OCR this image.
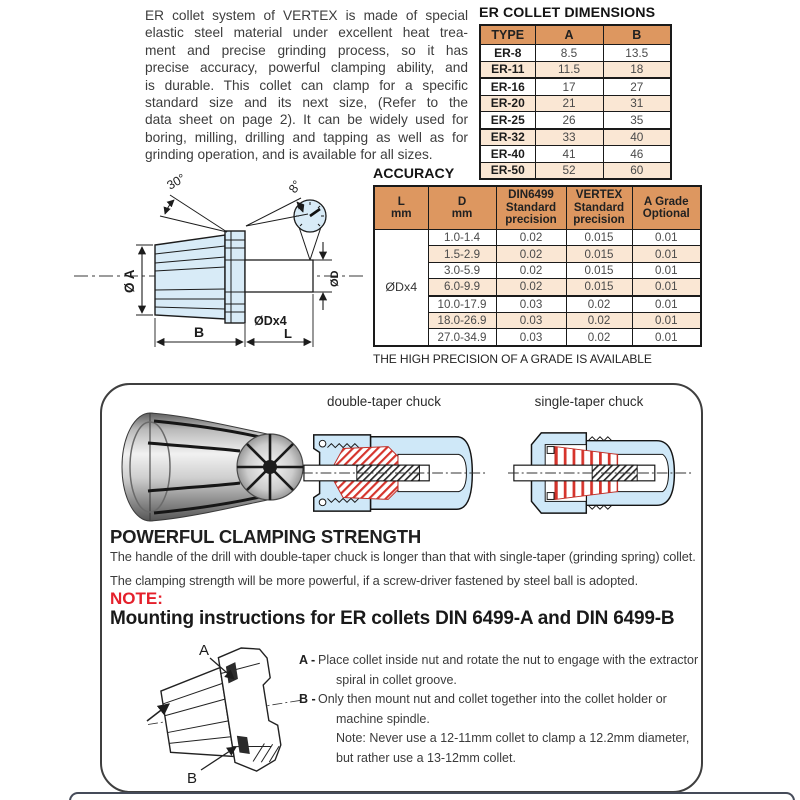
ER collet system of VERTEX is made of special
elastic steel material under excellent heat trea-
ment and precise grinding process, so it has
precise accuracy, powerful clamping ability, and
is durable. This collet can clamp for a specific
standard size and its next size, (Refer to the
data sheet on page 2). It can be widely used for
boring, milling, drilling and tapping as well as for
grinding operation, and is available for all sizes.
ER COLLET DIMENSIONS
TYPE	A	B
ER-8	8.5	13.5
ER-11	11.5	18
ER-16	17	27
ER-20	21	31
ER-25	26	35
ER-32	33	40
ER-40	41	46
ER-50	52	60
Ø A
B
ØDx4
L
ØD
30°	8°
ACCURACY
L
mm

D
mm

DIN6499
Standard
precision

VERTEX
Standard
precision

A Grade
Optional

ØDx4	1.0-1.4	0.02	0.015	0.01
	1.5-2.9	0.02	0.015	0.01
	3.0-5.9	0.02	0.015	0.01
	6.0-9.9	0.02	0.015	0.01
	10.0-17.9	0.03	0.02	0.01
	18.0-26.9	0.03	0.02	0.01
	27.0-34.9	0.03	0.02	0.01
THE HIGH PRECISION OF A GRADE IS AVAILABLE
double-taper chuck	single-taper chuck
POWERFUL CLAMPING STRENGTH
The handle of the drill with double-taper chuck is longer than that with single-taper (grinding spring) collet.
The clamping strength will be more powerful, if a screw-driver fastened by steel ball is adopted.
NOTE:
Mounting instructions for ER collets DIN 6499-A and DIN 6499-B
A
B
A - Place collet inside nut and rotate the nut to engage with the extractor
spiral in collet groove.
B - Only then mount nut and collet together into the collet holder or
machine spindle.
Note: Never use a 12-11mm collet to clamp a 12.2mm diameter,
but rather use a 13-12mm collet.
